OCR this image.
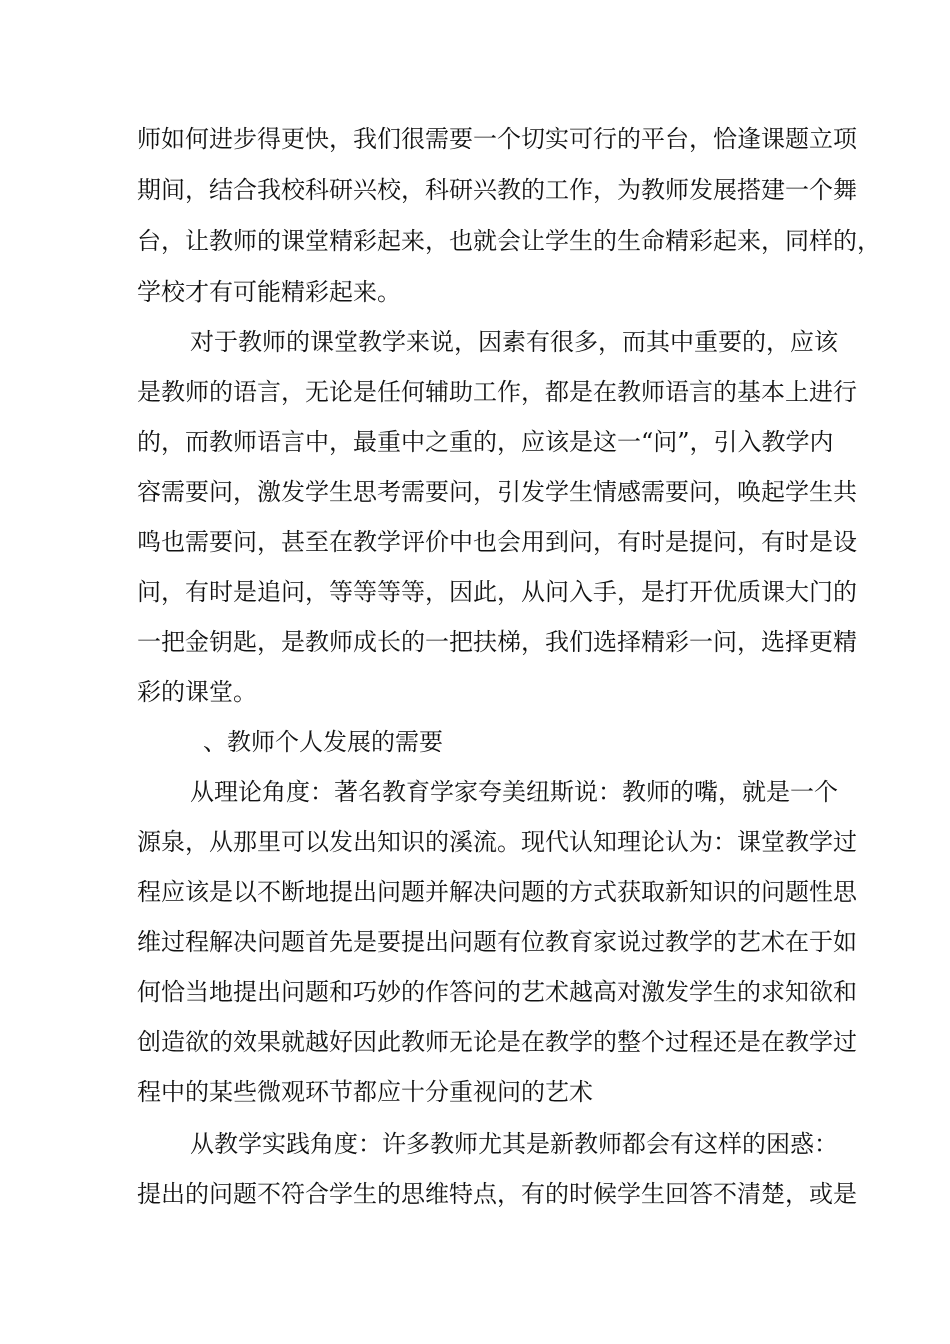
师如何进步得更快，我们很需要一个切实可行的平台，恰逢课题立项
期间，结合我校科研兴校，科研兴教的工作，为教师发展搭建一个舞
台，让教师的课堂精彩起来，也就会让学生的生命精彩起来，同样的，
学校才有可能精彩起来。
对于教师的课堂教学来说，因素有很多，而其中重要的，应该
是教师的语言，无论是任何辅助工作，都是在教师语言的基本上进行
的，而教师语言中，最重中之重的，应该是这一“问”，引入教学内
容需要问，激发学生思考需要问，引发学生情感需要问，唤起学生共
鸣也需要问，甚至在教学评价中也会用到问，有时是提问，有时是设
问，有时是追问，等等等等，因此，从问入手，是打开优质课大门的
一把金钥匙，是教师成长的一把扶梯，我们选择精彩一问，选择更精
彩的课堂。
、教师个人发展的需要
从理论角度：著名教育学家夸美纽斯说：教师的嘴，就是一个
源泉，从那里可以发出知识的溪流。现代认知理论认为：课堂教学过
程应该是以不断地提出问题并解决问题的方式获取新知识的问题性思
维过程解决问题首先是要提出问题有位教育家说过教学的艺术在于如
何恰当地提出问题和巧妙的作答问的艺术越高对激发学生的求知欲和
创造欲的效果就越好因此教师无论是在教学的整个过程还是在教学过
程中的某些微观环节都应十分重视问的艺术
从教学实践角度：许多教师尤其是新教师都会有这样的困惑：
提出的问题不符合学生的思维特点，有的时候学生回答不清楚，或是
